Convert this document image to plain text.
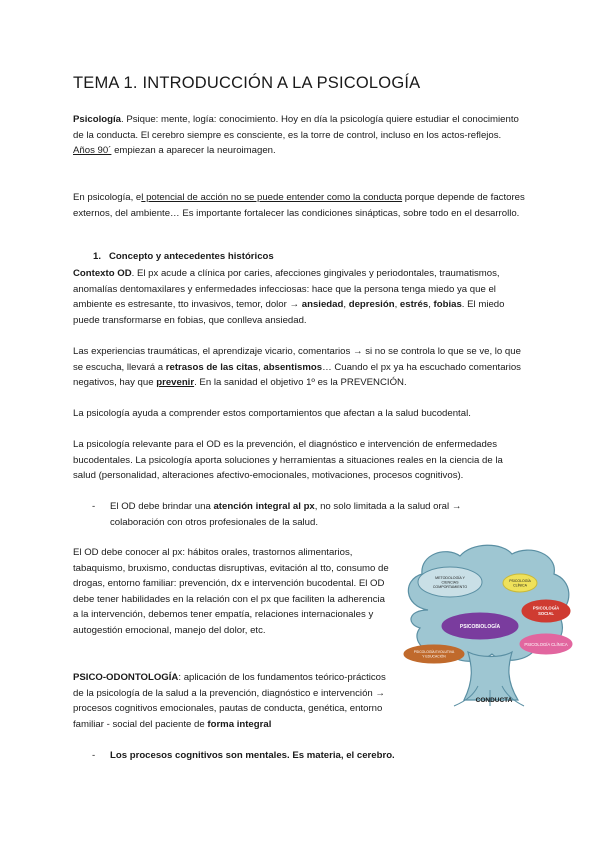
TEMA 1. INTRODUCCIÓN A LA PSICOLOGÍA

Psicología. Psique: mente, logía: conocimiento. Hoy en día la psicología quiere estudiar el conocimiento de la conducta. El cerebro siempre es consciente, es la torre de control, incluso en los actos-reflejos.
Años 90´ empiezan a aparecer la neuroimagen.

En psicología, el potencial de acción no se puede entender como la conducta porque depende de factores externos, del ambiente… Es importante fortalecer las condiciones sinápticas, sobre todo en el desarrollo.

1. Concepto y antecedentes históricos

Contexto OD. El px acude a clínica por caries, afecciones gingivales y periodontales, traumatismos, anomalías dentomaxilares y enfermedades infecciosas: hace que la persona tenga miedo ya que el ambiente es estresante, tto invasivos, temor, dolor → ansiedad, depresión, estrés, fobias. El miedo puede transformarse en fobias, que conlleva ansiedad.

Las experiencias traumáticas, el aprendizaje vicario, comentarios → si no se controla lo que se ve, lo que se escucha, llevará a retrasos de las citas, absentismos… Cuando el px ya ha escuchado comentarios negativos, hay que prevenir. En la sanidad el objetivo 1º es la PREVENCIÓN.

La psicología ayuda a comprender estos comportamientos que afectan a la salud bucodental.

La psicología relevante para el OD es la prevención, el diagnóstico e intervención de enfermedades bucodentales. La psicología aporta soluciones y herramientas a situaciones reales en la ciencia de la salud (personalidad, alteraciones afectivo-emocionales, motivaciones, procesos cognitivos).

- El OD debe brindar una atención integral al px, no solo limitada a la salud oral → colaboración con otros profesionales de la salud.

El OD debe conocer al px: hábitos orales, trastornos alimentarios, tabaquismo, bruxismo, conductas disruptivas, evitación al tto, consumo de drogas, entorno familiar: prevención, dx e intervención bucodental. El OD debe tener habilidades en la relación con el px que faciliten la adherencia a la intervención, debemos tener empatía, relaciones internacionales y autogestión emocional, manejo del dolor, etc.

PSICO-ODONTOLOGÍA: aplicación de los fundamentos teórico-prácticos de la psicología de la salud a la prevención, diagnóstico e intervención → procesos cognitivos emocionales, pautas de conducta, genética, entorno familiar - social del paciente de forma integral

- Los procesos cognitivos son mentales. Es materia, el cerebro.

METODOLOGÍA Y
CIENCIAS
COMPORTAMIENTO
PSICOLOGÍA
CLÍNICA
PSICOLOGÍA
SOCIAL
PSICOBIOLOGÍA
PSICOLOGÍA CLÍNICA
PSICOLOGÍA EVOLUTIVA
Y EDUCACIÓN
CONDUCTA
